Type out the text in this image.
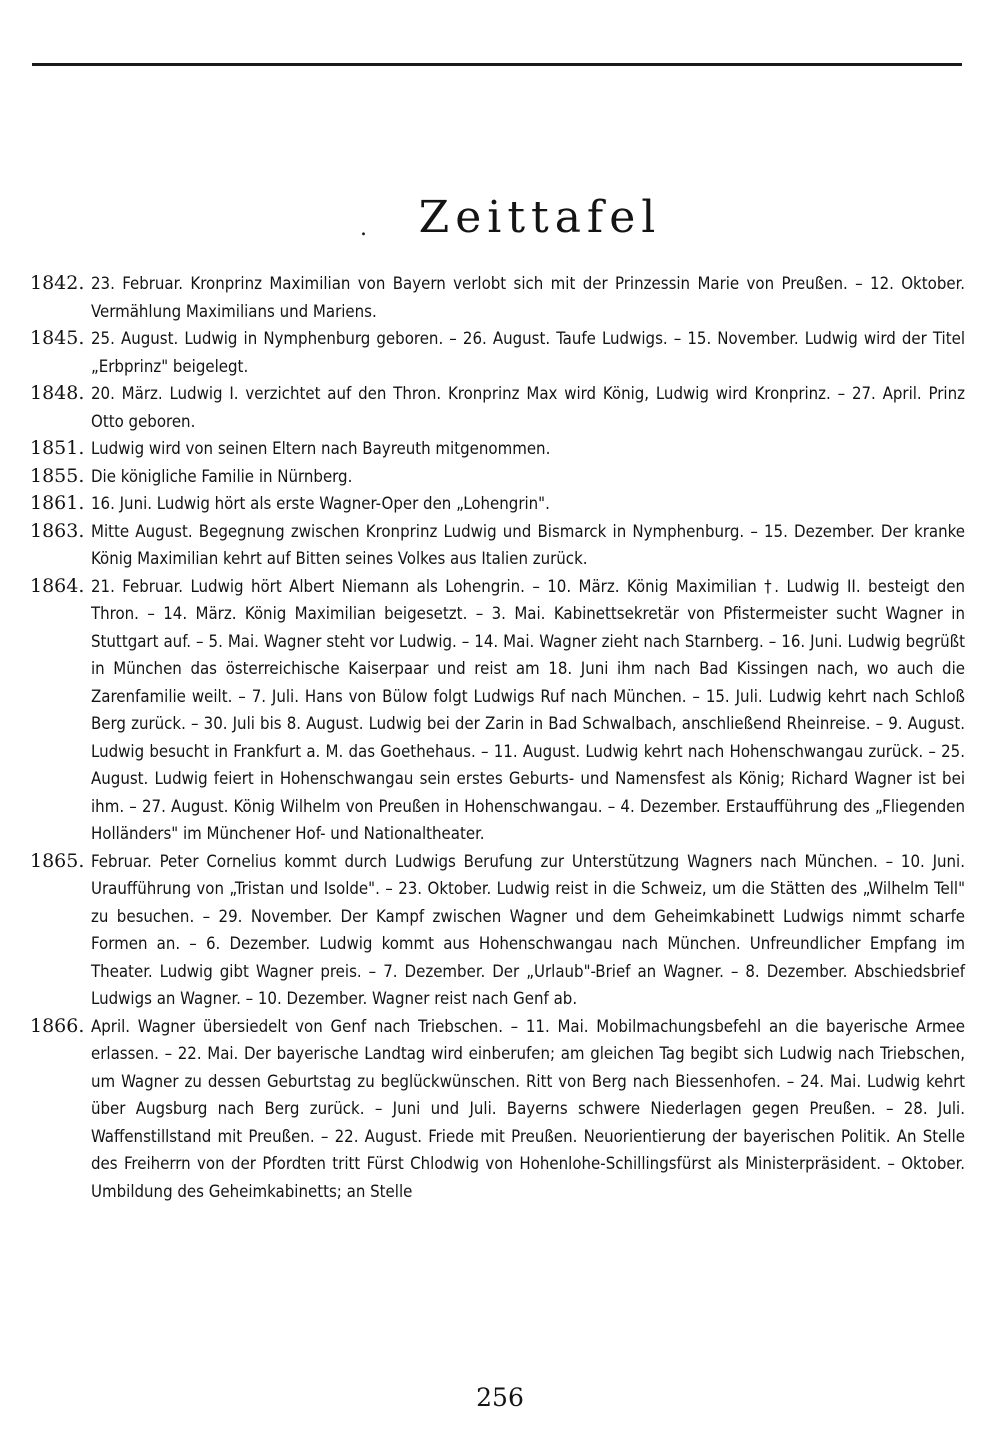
. Zeittafel
1842. 23. Februar. Kronprinz Maximilian von Bayern verlobt sich mit der Prinzessin Marie von Preußen. – 12. Oktober. Vermählung Maximilians und Mariens.
1845. 25. August. Ludwig in Nymphenburg geboren. – 26. August. Taufe Ludwigs. – 15. November. Ludwig wird der Titel „Erbprinz" beigelegt.
1848. 20. März. Ludwig I. verzichtet auf den Thron. Kronprinz Max wird König, Ludwig wird Kronprinz. – 27. April. Prinz Otto geboren.
1851. Ludwig wird von seinen Eltern nach Bayreuth mitgenommen.
1855. Die königliche Familie in Nürnberg.
1861. 16. Juni. Ludwig hört als erste Wagner-Oper den „Lohengrin".
1863. Mitte August. Begegnung zwischen Kronprinz Ludwig und Bismarck in Nymphenburg. – 15. Dezember. Der kranke König Maximilian kehrt auf Bitten seines Volkes aus Italien zurück.
1864. 21. Februar. Ludwig hört Albert Niemann als Lohengrin. – 10. März. König Maximilian †. Ludwig II. besteigt den Thron. – 14. März. König Maximilian beigesetzt. – 3. Mai. Kabinettsekretär von Pfistermeister sucht Wagner in Stuttgart auf. – 5. Mai. Wagner steht vor Ludwig. – 14. Mai. Wagner zieht nach Starnberg. – 16. Juni. Ludwig begrüßt in München das österreichische Kaiserpaar und reist am 18. Juni ihm nach Bad Kissingen nach, wo auch die Zarenfamilie weilt. – 7. Juli. Hans von Bülow folgt Ludwigs Ruf nach München. – 15. Juli. Ludwig kehrt nach Schloß Berg zurück. – 30. Juli bis 8. August. Ludwig bei der Zarin in Bad Schwalbach, anschließend Rheinreise. – 9. August. Ludwig besucht in Frankfurt a. M. das Goethehaus. – 11. August. Ludwig kehrt nach Hohenschwangau zurück. – 25. August. Ludwig feiert in Hohenschwangau sein erstes Geburts- und Namensfest als König; Richard Wagner ist bei ihm. – 27. August. König Wilhelm von Preußen in Hohenschwangau. – 4. Dezember. Erstaufführung des „Fliegenden Holländers" im Münchener Hof- und Nationaltheater.
1865. Februar. Peter Cornelius kommt durch Ludwigs Berufung zur Unterstützung Wagners nach München. – 10. Juni. Uraufführung von „Tristan und Isolde". – 23. Oktober. Ludwig reist in die Schweiz, um die Stätten des „Wilhelm Tell" zu besuchen. – 29. November. Der Kampf zwischen Wagner und dem Geheimkabinett Ludwigs nimmt scharfe Formen an. – 6. Dezember. Ludwig kommt aus Hohenschwangau nach München. Unfreundlicher Empfang im Theater. Ludwig gibt Wagner preis. – 7. Dezember. Der „Urlaub"-Brief an Wagner. – 8. Dezember. Abschiedsbrief Ludwigs an Wagner. – 10. Dezember. Wagner reist nach Genf ab.
1866. April. Wagner übersiedelt von Genf nach Triebschen. – 11. Mai. Mobilmachungsbefehl an die bayerische Armee erlassen. – 22. Mai. Der bayerische Landtag wird einberufen; am gleichen Tag begibt sich Ludwig nach Triebschen, um Wagner zu dessen Geburtstag zu beglückwünschen. Ritt von Berg nach Biessenhofen. – 24. Mai. Ludwig kehrt über Augsburg nach Berg zurück. – Juni und Juli. Bayerns schwere Niederlagen gegen Preußen. – 28. Juli. Waffenstillstand mit Preußen. – 22. August. Friede mit Preußen. Neuorientierung der bayerischen Politik. An Stelle des Freiherrn von der Pfordten tritt Fürst Chlodwig von Hohenlohe-Schillingsfürst als Ministerpräsident. – Oktober. Umbildung des Geheimkabinetts; an Stelle
256
